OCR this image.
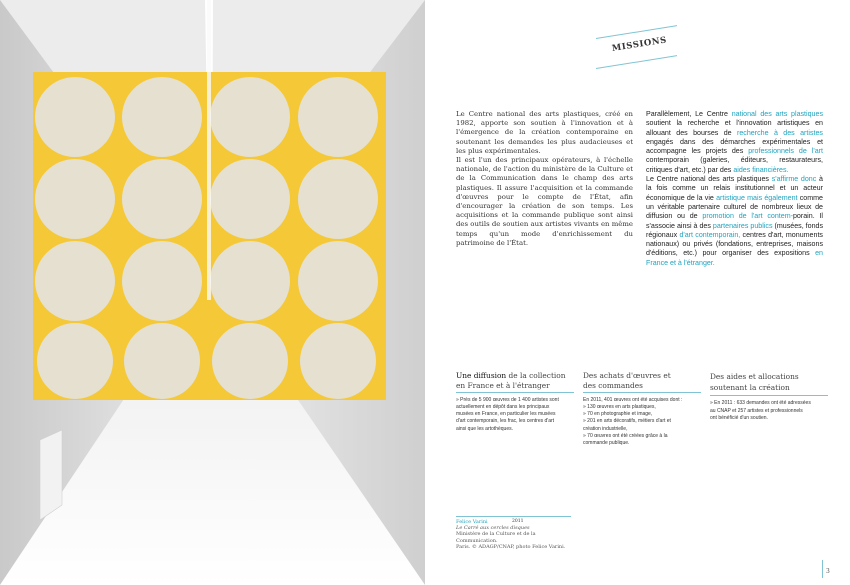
Felice Varini	2011
Le Carré aux cercles disques
Ministère de la Culture et de la Communication.
Paris. © ADAGP/CNAP, photo Felice Varini.
MISSIONS
Le Centre national des arts plastiques, créé en 1982, apporte son soutien à l'innovation et à l'émergence de la création contemporaine en soutenant les demandes les plus audacieuses et les plus expérimentales.
Il est l'un des principaux opérateurs, à l'échelle nationale, de l'action du ministère de la Culture et de la Communication dans le champ des arts plastiques. Il assure l'acquisition et la commande d'œuvres pour le compte de l'État, afin d'encourager la création de son temps. Les acquisitions et la commande publique sont ainsi des outils de soutien aux artistes vivants en même temps qu'un mode d'enrichissement du patrimoine de l'État.
Parallèlement, Le Centre national des arts plastiques soutient la recherche et l'innovation artistiques en allouant des bourses de recherche à des artistes engagés dans des démarches expérimentales et accompagne les projets des professionnels de l'art contemporain (galeries, éditeurs, restaurateurs, critiques d'art, etc.) par des aides financières.
Le Centre national des arts plastiques s'affirme donc à la fois comme un relais institutionnel et un acteur économique de la vie artistique mais également comme un véritable partenaire culturel de nombreux lieux de diffusion ou de promotion de l'art contem-porain. Il s'associe ainsi à des partenaires publics (musées, fonds régionaux d'art contemporain, centres d'art, monuments nationaux) ou privés (fondations, entreprises, maisons d'éditions, etc.) pour organiser des expositions en France et à l'étranger.
Une diffusion de la collection
en France et à l'étranger
» Près de 5 900 œuvres de 1 400 artistes sont
actuellement en dépôt dans les principaux
musées en France, en particulier les musées
d'art contemporain, les frac, les centres d'art
ainsi que les artothèques.
Des achats d'œuvres et
des commandes
En 2011, 401 œuvres ont été acquises dont :
» 130 œuvres en arts plastiques,
» 70 en photographie et image,
» 201 en arts décoratifs, métiers d'art et
création industrielle,
» 70 œuvres ont été créées grâce à la
commande publique.
Des aides et allocations
soutenant la création
» En 2011 : 633 demandes ont été adressées
au CNAP et 257 artistes et professionnels
ont bénéficié d'un soutien.
3
